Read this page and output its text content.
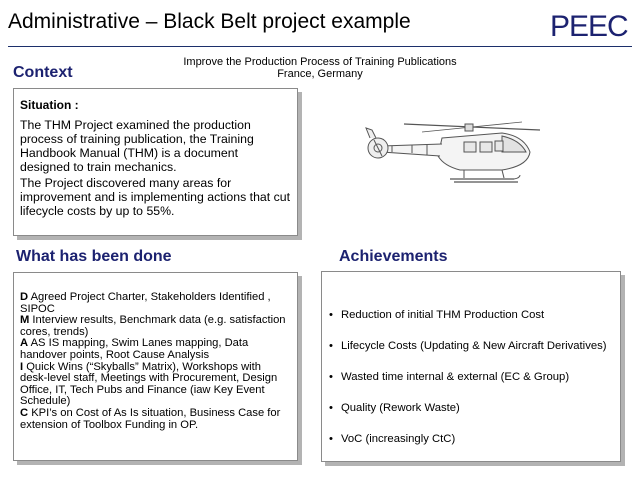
Administrative – Black Belt project example	PEEC
Improve the Production Process of Training Publications
France, Germany
Context
Situation :

The THM Project examined the production process of training publication, the Training Handbook Manual (THM) is a document designed to train mechanics.

The Project discovered many areas for improvement and is implementing actions that cut lifecycle costs by up to 55%.

What has been done
D Agreed Project Charter, Stakeholders Identified , SIPOC
M Interview results, Benchmark data (e.g. satisfaction cores, trends)
A AS IS mapping, Swim Lanes mapping, Data handover points, Root Cause Analysis
I Quick Wins (“Skyballs” Matrix), Workshops with desk-level staff, Meetings with Procurement, Design Office, IT, Tech Pubs and Finance (iaw Key Event Schedule)
C KPI’s on Cost of As Is situation, Business Case for extension of Toolbox Funding in OP.
Achievements
• Reduction of initial THM Production Cost
• Lifecycle Costs (Updating & New Aircraft Derivatives)
• Wasted time internal & external (EC & Group)
• Quality (Rework Waste)
• VoC (increasingly CtC)
